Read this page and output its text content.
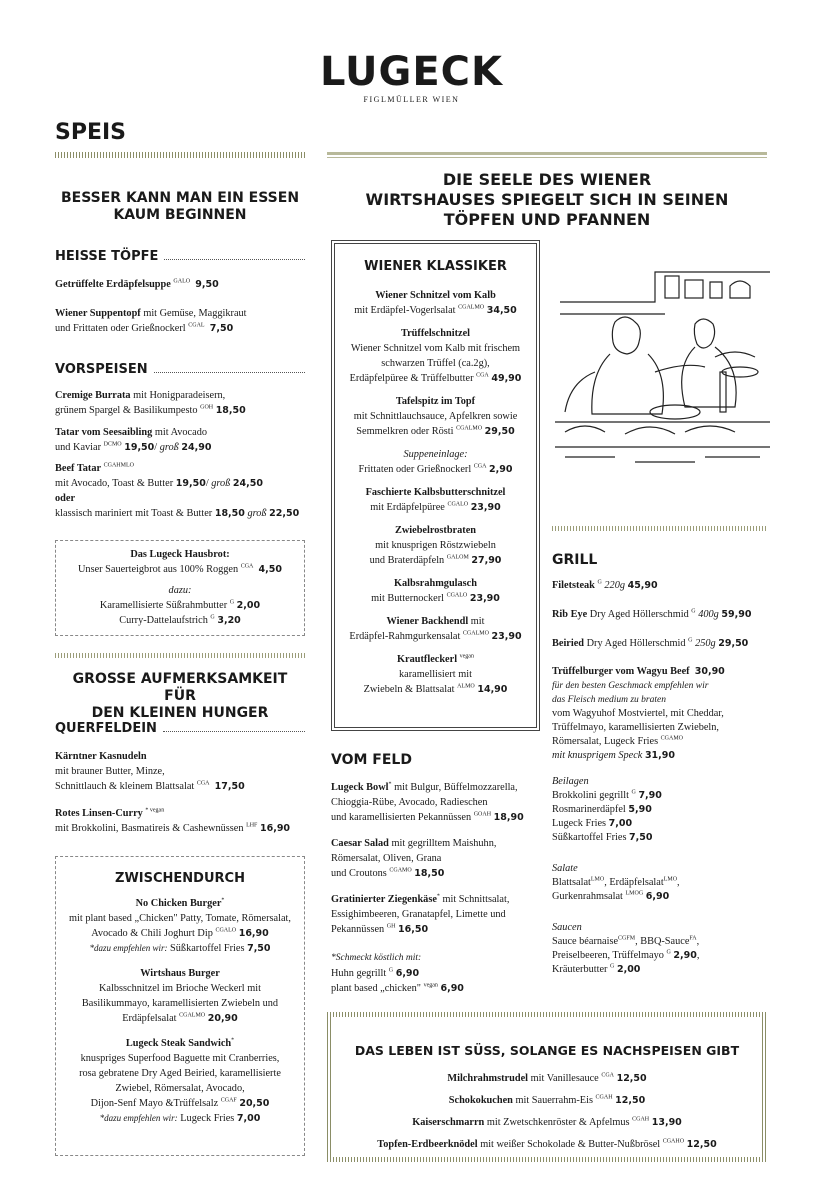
LUGECK
FIGLMÜLLER WIEN
SPEIS
BESSER KANN MAN EIN ESSEN
KAUM BEGINNEN
HEISSE TÖPFE
Getrüffelte Erdäpfelsuppe $^{GALO}$ 9,50
Wiener Suppentopf mit Gemüse, Maggikraut
und Frittaten oder Grießnockerl $^{CGAL}$ 7,50
VORSPEISEN
Cremige Burrata mit Honigparadeisern,
grünem Spargel & Basilikumpesto $^{GOH}$ 18,50
Tatar vom Seesaibling mit Avocado
und Kaviar $^{DCMO}$ 19,50/ groß 24,90
Beef Tatar $^{CGAHMLO}$
mit Avocado, Toast & Butter 19,50/ groß 24,50
oder
klassisch mariniert mit Toast & Butter 18,50 groß 22,50
Das Lugeck Hausbrot:
Unser Sauerteigbrot aus 100% Roggen $^{CGA}$ 4,50
dazu:
Karamellisierte Süßrahmbutter $^G$ 2,00
Curry-Dattelaufstrich $^G$ 3,20
GROSSE AUFMERKSAMKEIT FÜR
DEN KLEINEN HUNGER
QUERFELDEIN
Kärntner Kasnudeln
mit brauner Butter, Minze,
Schnittlauch & kleinem Blattsalat $^{CGA}$ 17,50
Rotes Linsen-Curry $^{* vegan}$
mit Brokkolini, Basmatireis & Cashewnüssen $^{LHF}$ 16,90
ZWISCHENDURCH
No Chicken Burger*
mit plant based „Chicken" Patty, Tomate, Römersalat,
Avocado & Chili Joghurt Dip $^{CGALO}$ 16,90
*dazu empfehlen wir: Süßkartoffel Fries 7,50
Wirtshaus Burger
Kalbsschnitzel im Brioche Weckerl mit
Basilikummayo, karamellisierten Zwiebeln und
Erdäpfelsalat $^{CGALMO}$ 20,90
Lugeck Steak Sandwich*
knuspriges Superfood Baguette mit Cranberries,
rosa gebratene Dry Aged Beiried, karamellisierte
Zwiebel, Römersalat, Avocado,
Dijon-Senf Mayo &Trüffelsalz $^{CGAF}$ 20,50
*dazu empfehlen wir: Lugeck Fries 7,00
DIE SEELE DES WIENER
WIRTSHAUSES SPIEGELT SICH IN SEINEN
TÖPFEN UND PFANNEN
WIENER KLASSIKER
Wiener Schnitzel vom Kalb
mit Erdäpfel-Vogerlsalat $^{CGALMO}$ 34,50
Trüffelschnitzel
Wiener Schnitzel vom Kalb mit frischem
schwarzen Trüffel (ca.2g),
Erdäpfelpüree & Trüffelbutter $^{CGA}$ 49,90
Tafelspitz im Topf
mit Schnittlauchsauce, Apfelkren sowie
Semmelkren oder Rösti $^{CGALMO}$ 29,50
Suppeneinlage:
Frittaten oder Grießnockerl $^{CGA}$ 2,90
Faschierte Kalbsbutterschnitzel
mit Erdäpfelpüree $^{CGALO}$ 23,90
Zwiebelrostbraten
mit knusprigen Röstzwiebeln
und Braterdäpfeln $^{GALOM}$ 27,90
Kalbsrahmgulasch
mit Butternockerl $^{CGALO}$ 23,90
Wiener Backhendl mit
Erdäpfel-Rahmgurkensalat $^{CGALMO}$ 23,90
Krautfleckerl $^{vegan}$
karamellisiert mit
Zwiebeln & Blattsalat $^{ALMO}$ 14,90
GRILL
Filetsteak $^G$ 220g 45,90
Rib Eye Dry Aged Höllerschmid $^G$ 400g 59,90
Beiried Dry Aged Höllerschmid $^G$ 250g 29,50
Trüffelburger vom Wagyu Beef 30,90
für den besten Geschmack empfehlen wir
das Fleisch medium zu braten
vom Wagyuhof Mostviertel, mit Cheddar,
Trüffelmayo, karamellisierten Zwiebeln,
Römersalat, Lugeck Fries $^{CGAMO}$
mit knusprigem Speck 31,90
Beilagen
Brokkolini gegrillt $^G$ 7,90
Rosmarinerdäpfel 5,90
Lugeck Fries 7,00
Süßkartoffel Fries 7,50
Salate
Blattsalat$^{LMO}$, Erdäpfelsalat$^{LMO}$,
Gurkenrahmsalat $^{LMOG}$ 6,90
Saucen
Sauce béarnaise$^{CGFM}$, BBQ-Sauce$^{FA}$,
Preiselbeeren, Trüffelmayo $^G$ 2,90,
Kräuterbutter $^G$ 2,00
VOM FELD
Lugeck Bowl* mit Bulgur, Büffelmozzarella,
Chioggia-Rübe, Avocado, Radieschen
und karamellisierten Pekannüssen $^{GOAH}$ 18,90
Caesar Salad mit gegrilltem Maishuhn,
Römersalat, Oliven, Grana
und Croutons $^{CGAMO}$ 18,50
Gratinierter Ziegenkäse* mit Schnittsalat,
Essighimbeeren, Granatapfel, Limette und
Pekannüssen $^{GH}$ 16,50
*Schmeckt köstlich mit:
Huhn gegrillt $^G$ 6,90
plant based „chicken" $^{vegan}$ 6,90
DAS LEBEN IST SÜSS, SOLANGE ES NACHSPEISEN GIBT
Milchrahmstrudel mit Vanillesauce $^{CGA}$ 12,50
Schokokuchen mit Sauerrahm-Eis $^{CGAH}$ 12,50
Kaiserschmarrn mit Zwetschkenröster & Apfelmus $^{CGAH}$ 13,90
Topfen-Erdbeerknödel mit weißer Schokolade & Butter-Nußbrösel $^{CGAHO}$ 12,50
